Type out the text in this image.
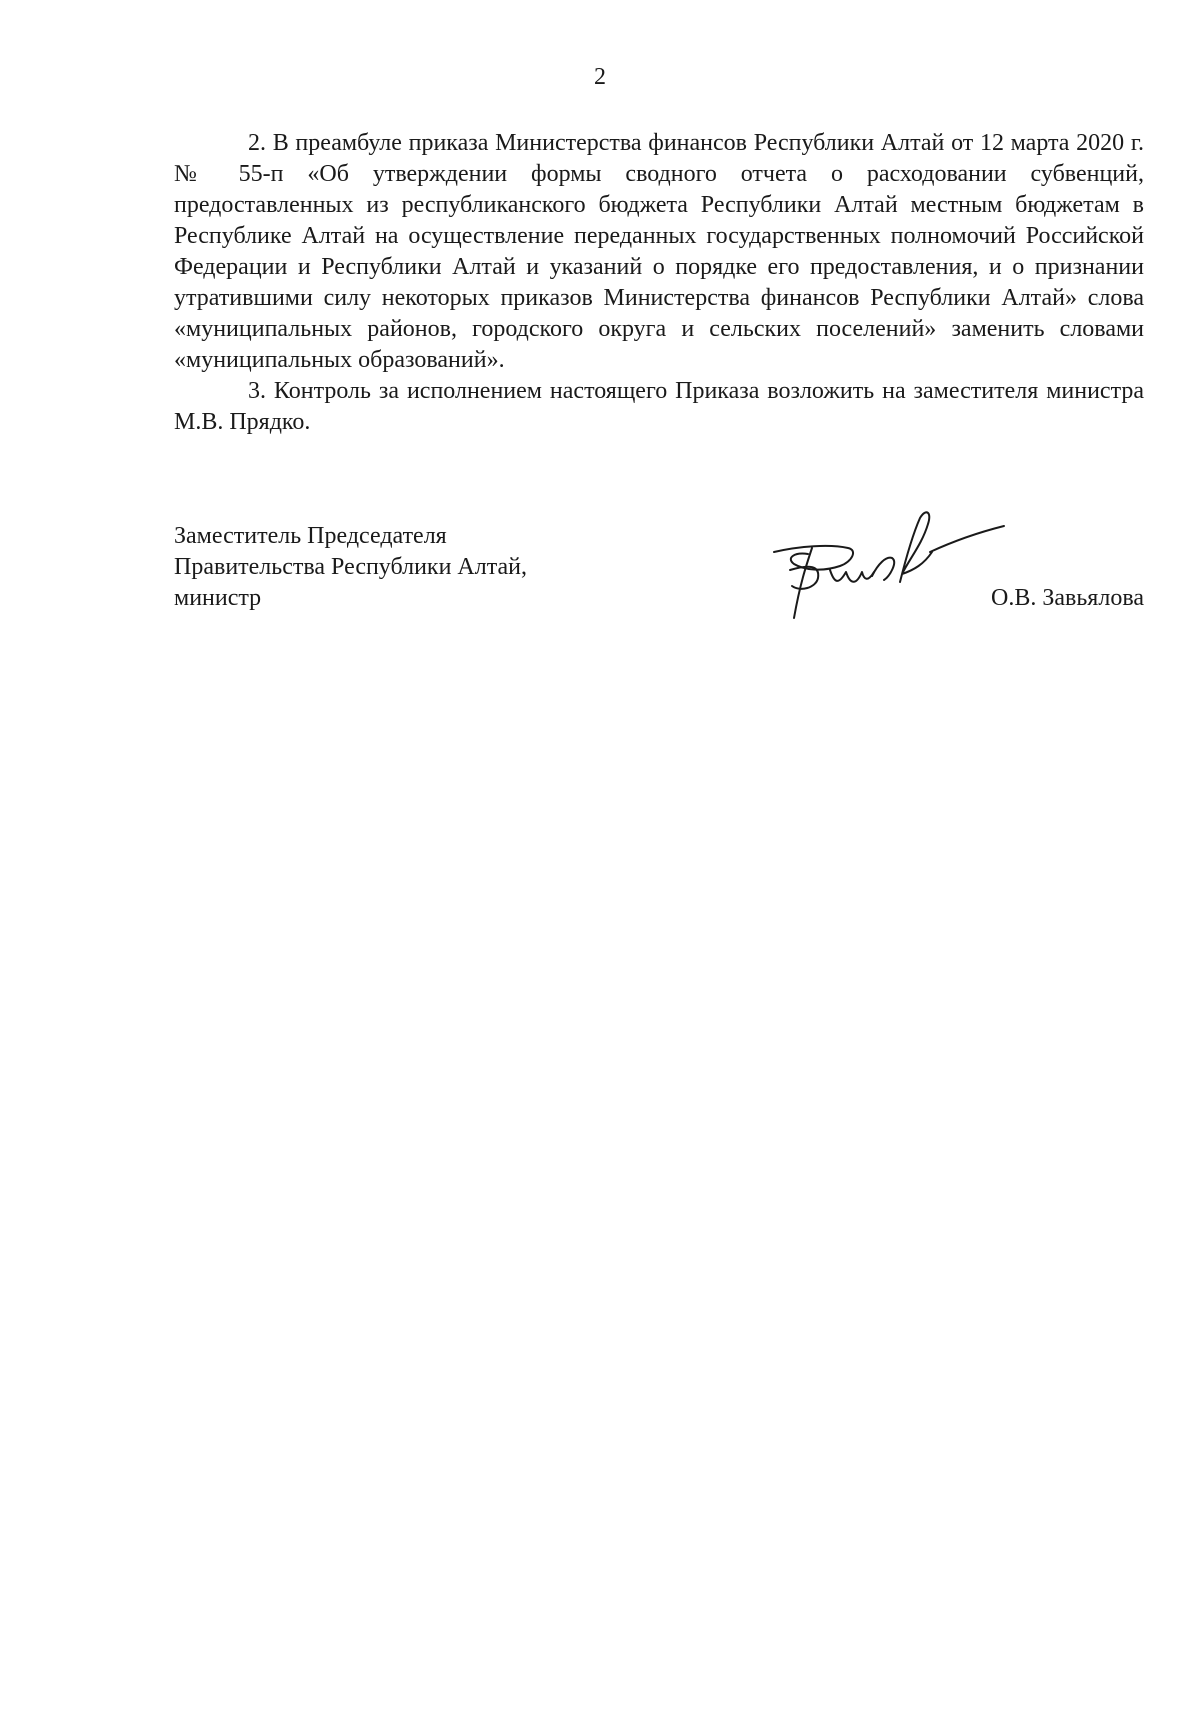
2

2. В преамбуле приказа Министерства финансов Республики Алтай от 12 марта 2020 г. № 55-п «Об утверждении формы сводного отчета о расходовании субвенций, предоставленных из республиканского бюджета Республики Алтай местным бюджетам в Республике Алтай на осуществление переданных государственных полномочий Российской Федерации и Республики Алтай и указаний о порядке его предоставления, и о признании утратившими силу некоторых приказов Министерства финансов Республики Алтай» слова «муниципальных районов, городского округа и сельских поселений» заменить словами «муниципальных образований».

3. Контроль за исполнением настоящего Приказа возложить на заместителя министра М.В. Прядко.

Заместитель Председателя
Правительства Республики Алтай,
министр	О.В. Завьялова
